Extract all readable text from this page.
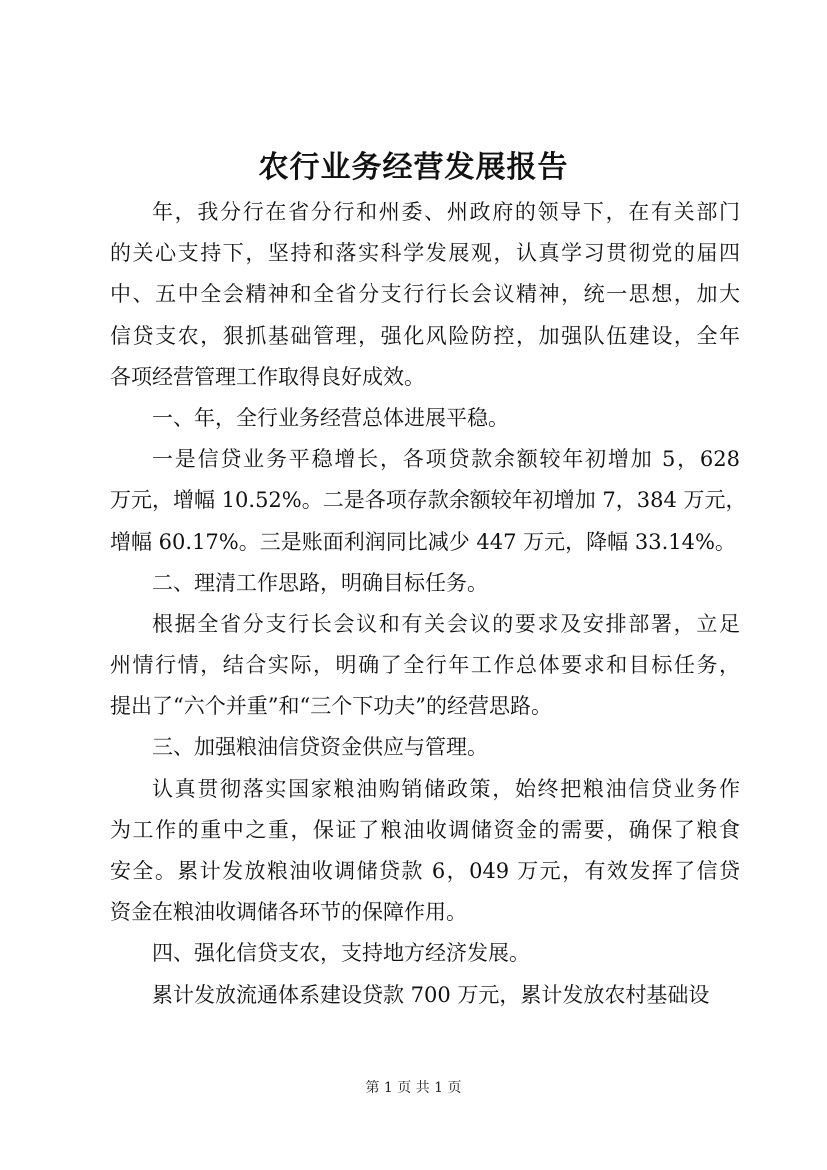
农行业务经营发展报告
年，我分行在省分行和州委、州政府的领导下，在有关部门
的关心支持下，坚持和落实科学发展观，认真学习贯彻党的届四
中、五中全会精神和全省分支行行长会议精神，统一思想，加大
信贷支农，狠抓基础管理，强化风险防控，加强队伍建设，全年
各项经营管理工作取得良好成效。
一、年，全行业务经营总体进展平稳。
一是信贷业务平稳增长，各项贷款余额较年初增加 5，628
万元，增幅 10.52%。二是各项存款余额较年初增加 7，384 万元，
增幅 60.17%。三是账面利润同比减少 447 万元，降幅 33.14%。
二、理清工作思路，明确目标任务。
根据全省分支行长会议和有关会议的要求及安排部署，立足
州情行情，结合实际，明确了全行年工作总体要求和目标任务，
提出了“六个并重”和“三个下功夫”的经营思路。
三、加强粮油信贷资金供应与管理。
认真贯彻落实国家粮油购销储政策，始终把粮油信贷业务作
为工作的重中之重，保证了粮油收调储资金的需要，确保了粮食
安全。累计发放粮油收调储贷款 6，049 万元，有效发挥了信贷
资金在粮油收调储各环节的保障作用。
四、强化信贷支农，支持地方经济发展。
累计发放流通体系建设贷款 700 万元，累计发放农村基础设
第 1 页 共 1 页
